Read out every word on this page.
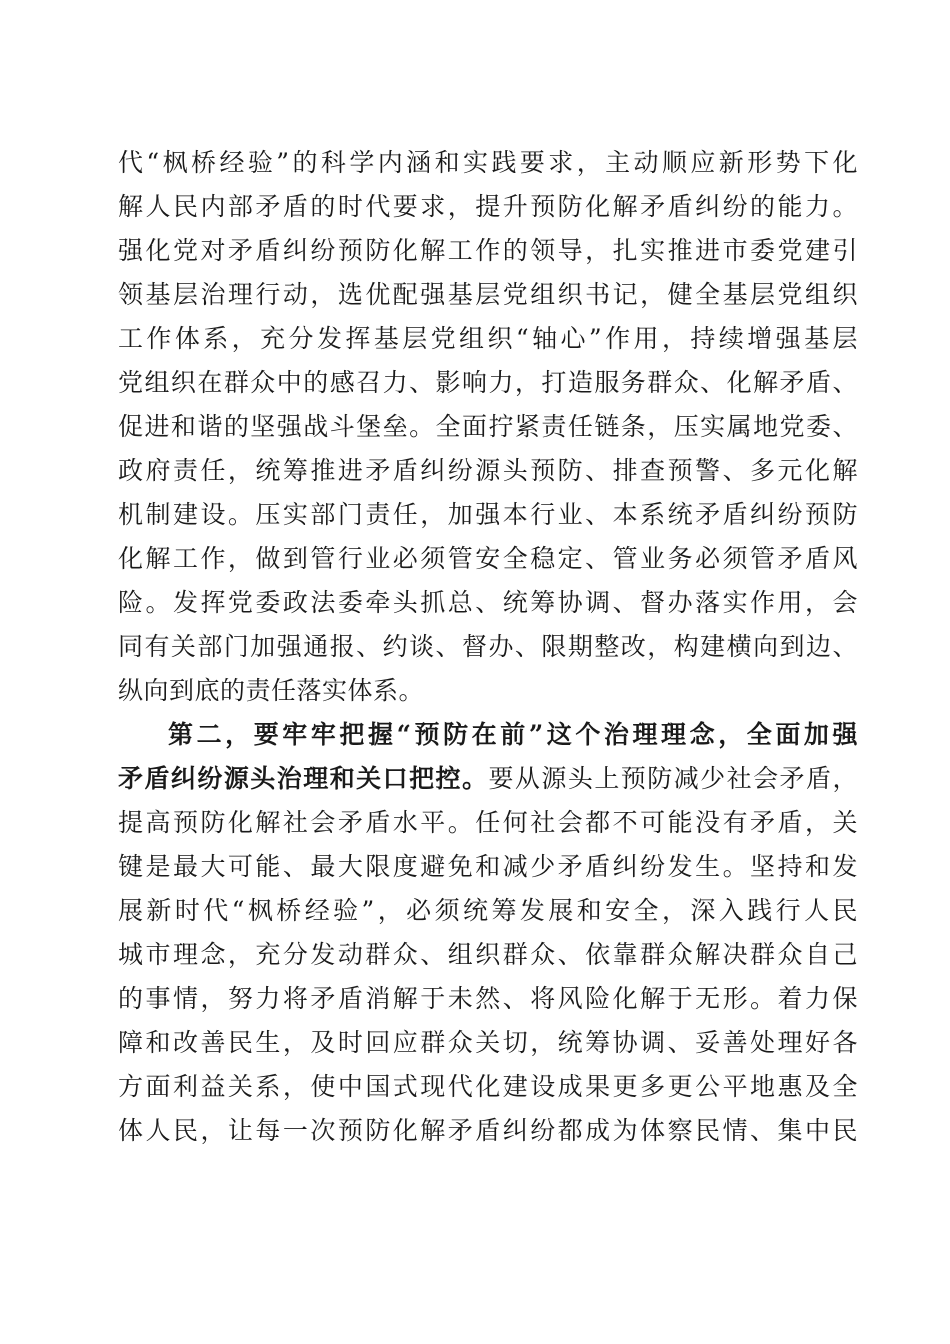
代“枫桥经验”的科学内涵和实践要求，主动顺应新形势下化
解人民内部矛盾的时代要求，提升预防化解矛盾纠纷的能力。
强化党对矛盾纠纷预防化解工作的领导，扎实推进市委党建引
领基层治理行动，选优配强基层党组织书记，健全基层党组织
工作体系，充分发挥基层党组织“轴心”作用，持续增强基层
党组织在群众中的感召力、影响力，打造服务群众、化解矛盾、
促进和谐的坚强战斗堡垒。全面拧紧责任链条，压实属地党委、
政府责任，统筹推进矛盾纠纷源头预防、排查预警、多元化解
机制建设。压实部门责任，加强本行业、本系统矛盾纠纷预防
化解工作，做到管行业必须管安全稳定、管业务必须管矛盾风
险。发挥党委政法委牵头抓总、统筹协调、督办落实作用，会
同有关部门加强通报、约谈、督办、限期整改，构建横向到边、
纵向到底的责任落实体系。
第二，要牢牢把握“预防在前”这个治理理念，全面加强
矛盾纠纷源头治理和关口把控。要从源头上预防减少社会矛盾，
提高预防化解社会矛盾水平。任何社会都不可能没有矛盾，关
键是最大可能、最大限度避免和减少矛盾纠纷发生。坚持和发
展新时代“枫桥经验”，必须统筹发展和安全，深入践行人民
城市理念，充分发动群众、组织群众、依靠群众解决群众自己
的事情，努力将矛盾消解于未然、将风险化解于无形。着力保
障和改善民生，及时回应群众关切，统筹协调、妥善处理好各
方面利益关系，使中国式现代化建设成果更多更公平地惠及全
体人民，让每一次预防化解矛盾纠纷都成为体察民情、集中民
